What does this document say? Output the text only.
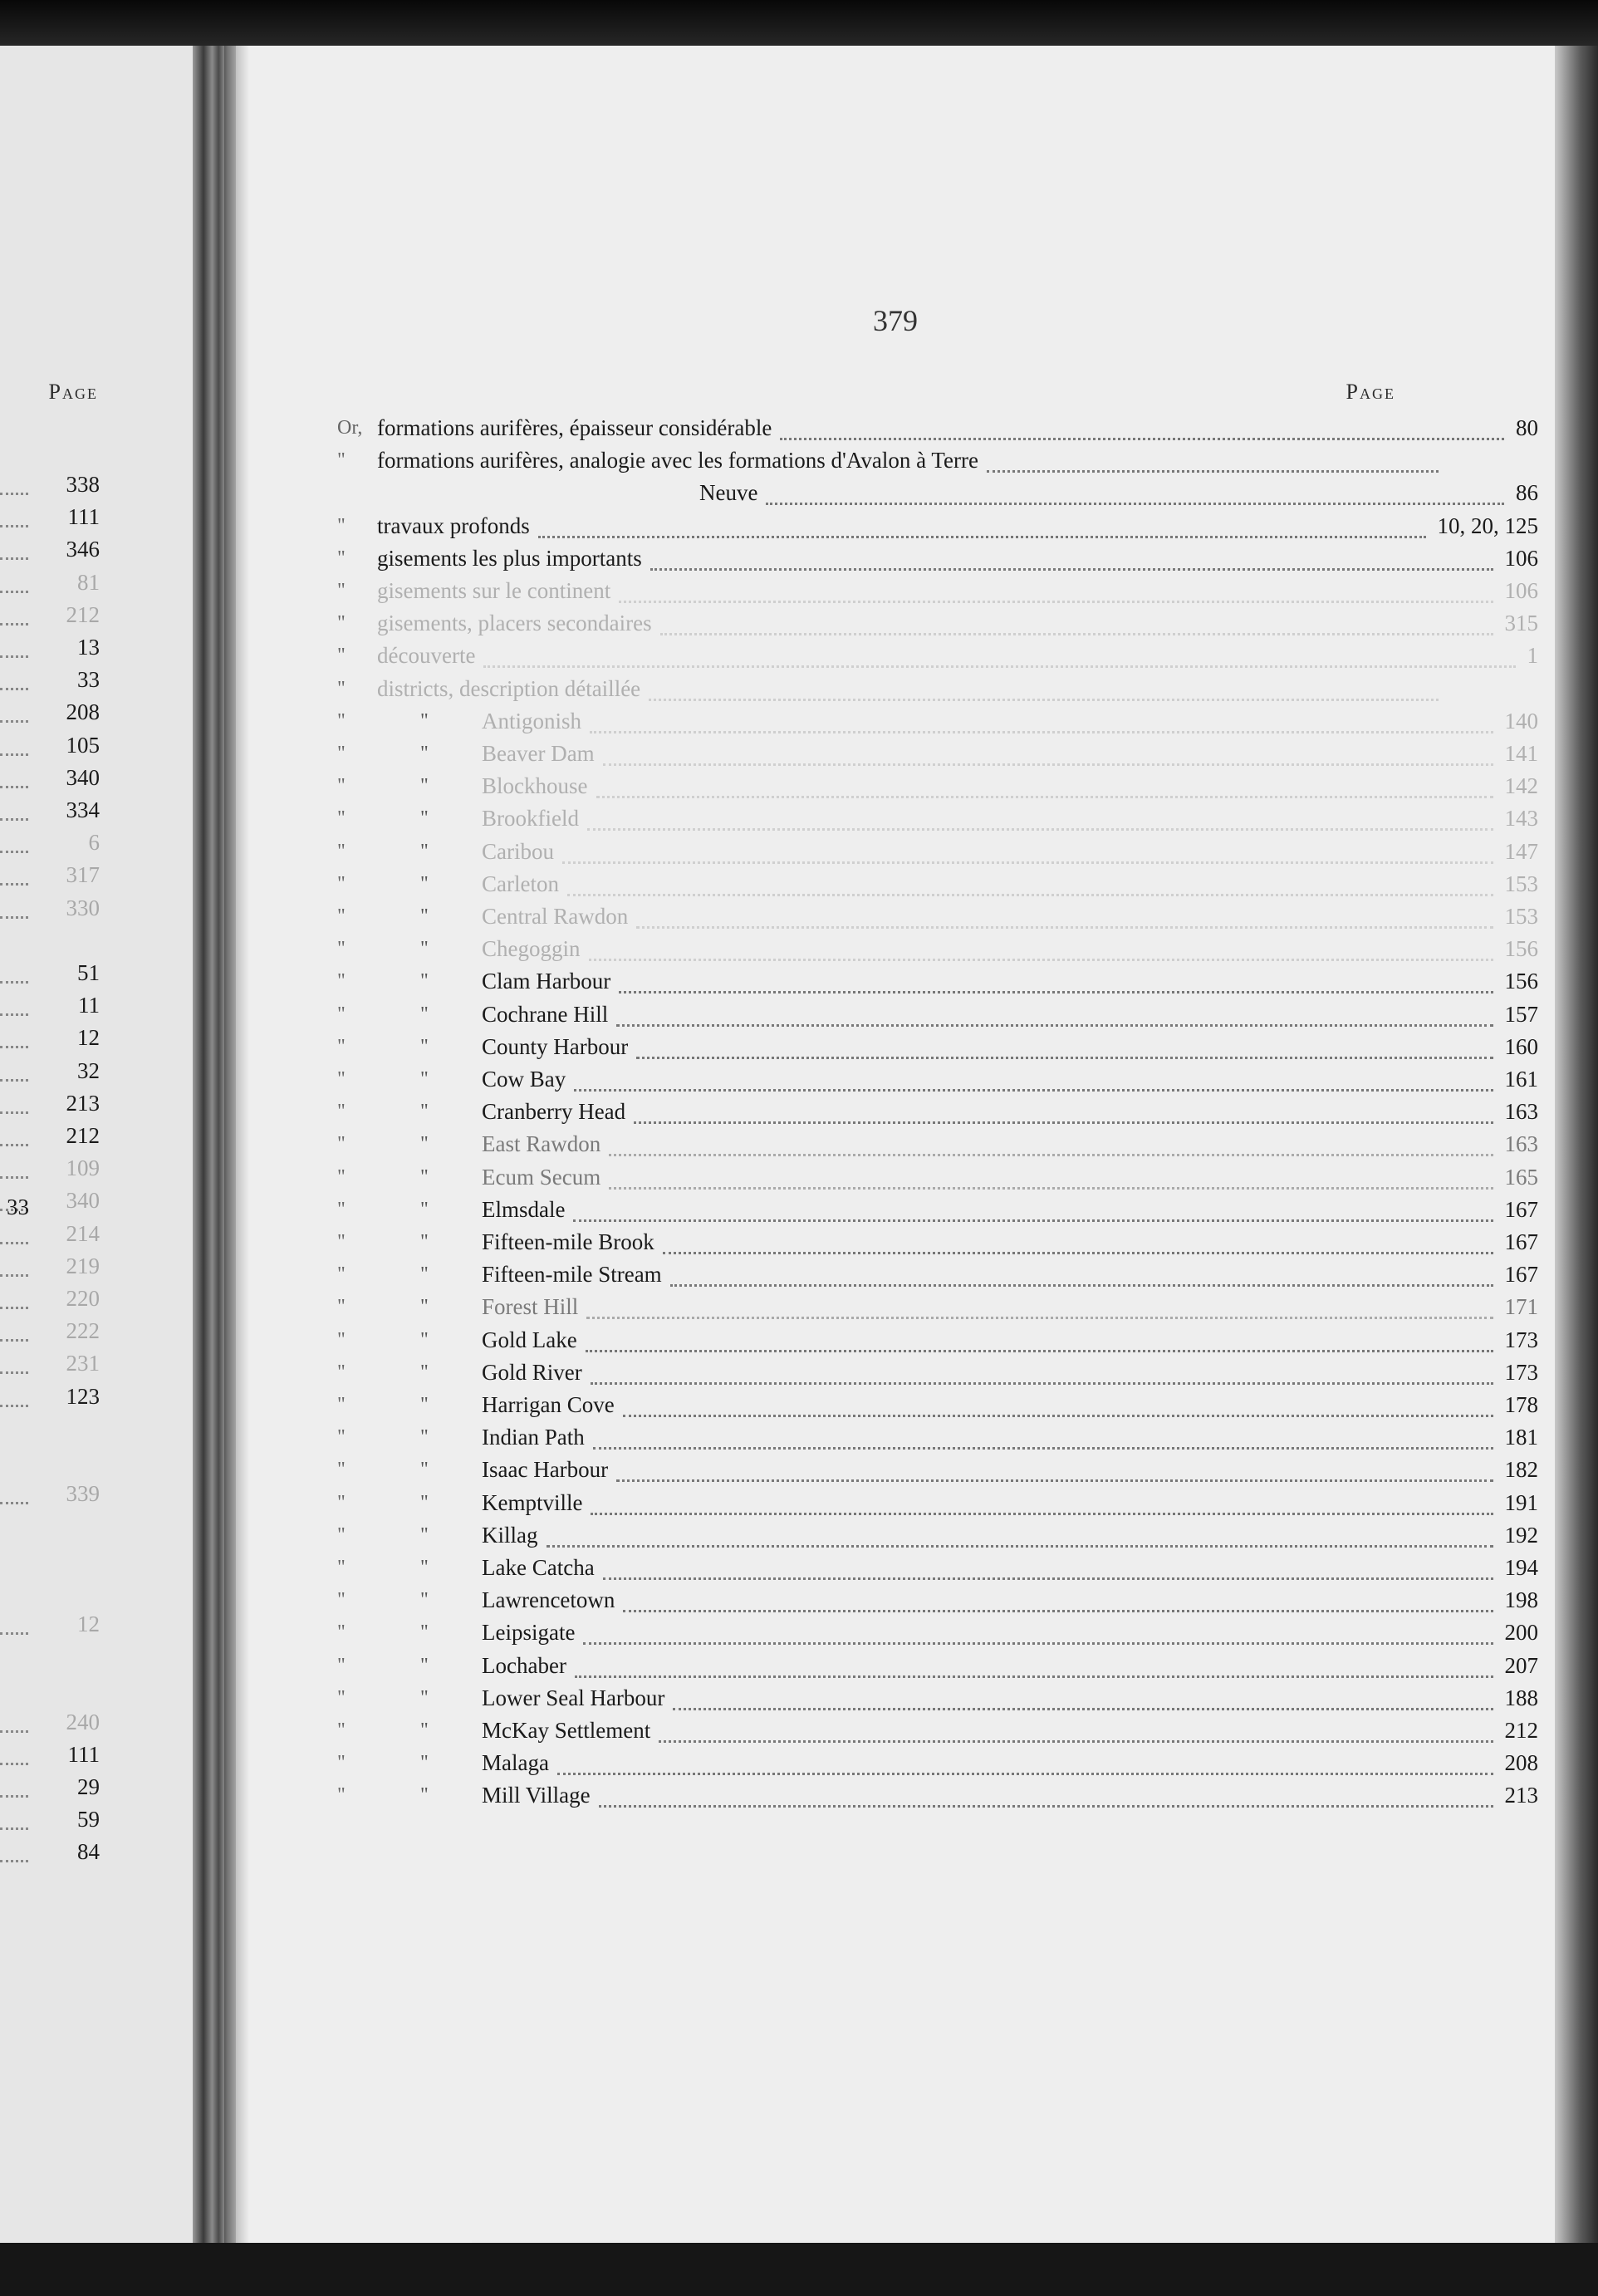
Page
338
111
346
81
212
13
33
208
105
340
334
6
317
330
51
11
12
32
213
212
109
340
214
219
220
222
231
123
339
12
240
111
29
59
84
33
379
Page
Or, formations aurifères, épaisseur considérable	80
" formations aurifères, analogie avec les formations d'Avalon à Terre
Neuve	86
" travaux profonds	10, 20, 125
" gisements les plus importants	106
" gisements sur le continent	106
" gisements, placers secondaires	315
" découverte	1
" districts, description détaillée
"	" Antigonish	140
"	" Beaver Dam	141
"	" Blockhouse	142
"	" Brookfield	143
"	" Caribou	147
"	" Carleton	153
"	" Central Rawdon	153
"	" Chegoggin	156
"	" Clam Harbour	156
"	" Cochrane Hill	157
"	" County Harbour	160
"	" Cow Bay	161
"	" Cranberry Head	163
"	" East Rawdon	163
"	" Ecum Secum	165
"	" Elmsdale	167
"	" Fifteen-mile Brook	167
"	" Fifteen-mile Stream	167
"	" Forest Hill	171
"	" Gold Lake	173
"	" Gold River	173
"	" Harrigan Cove	178
"	" Indian Path	181
"	" Isaac Harbour	182
"	" Kemptville	191
"	" Killag	192
"	" Lake Catcha	194
"	" Lawrencetown	198
"	" Leipsigate	200
"	" Lochaber	207
"	" Lower Seal Harbour	188
"	" McKay Settlement	212
"	" Malaga	208
"	" Mill Village	213
